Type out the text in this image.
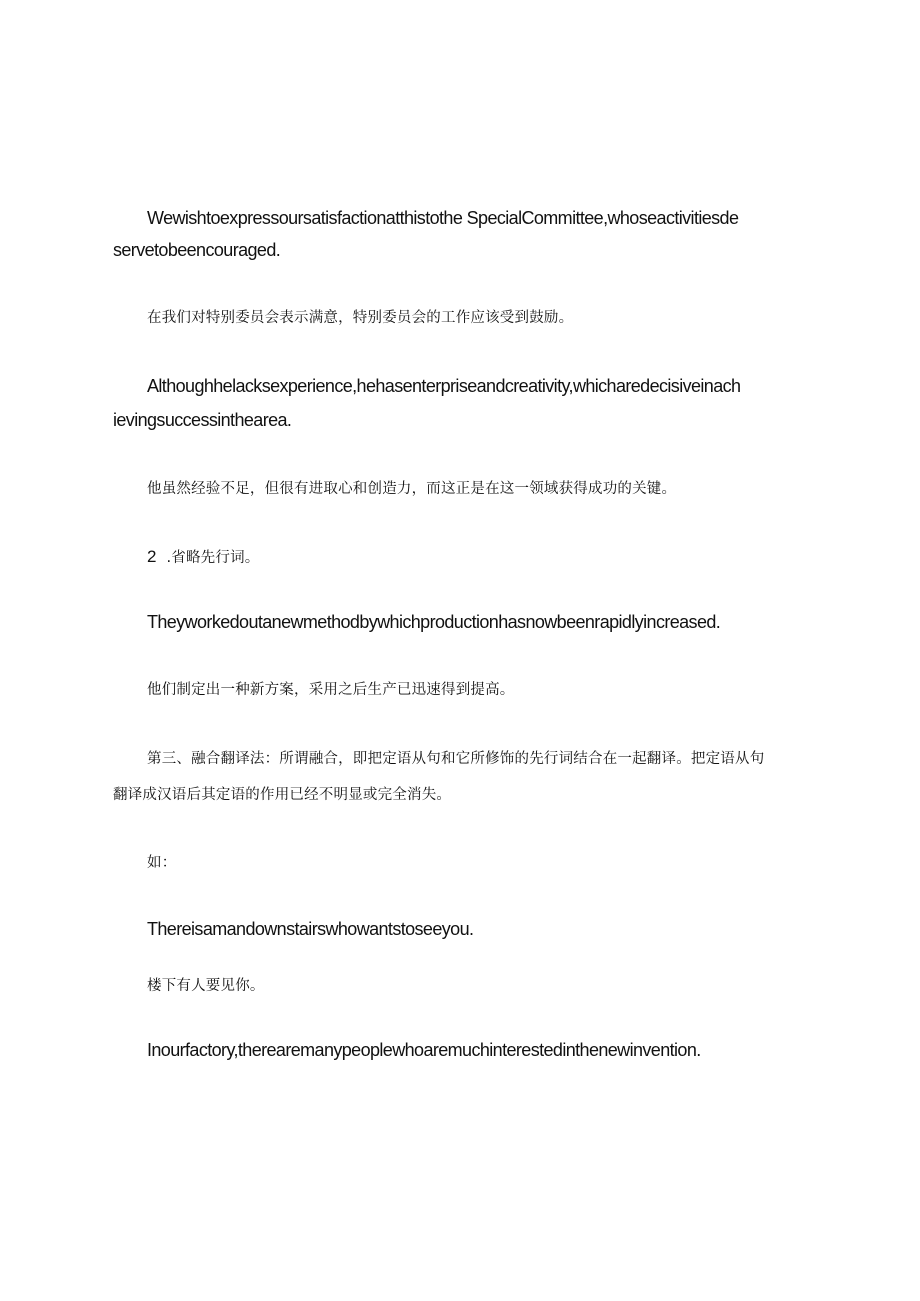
Wewishtoexpressoursatisfactionatthistothe SpecialCommittee,whoseactivitiesde

servetobeencouraged.

在我们对特别委员会表示满意，特别委员会的工作应该受到鼓励。

Althoughhelacksexperience,hehasenterpriseandcreativity,whicharedecisiveinach

ievingsuccessinthearea.

他虽然经验不足，但很有进取心和创造力，而这正是在这一领域获得成功的关键。

2 .省略先行词。

Theyworkedoutanewmethodbywhichproductionhasnowbeenrapidlyincreased.

他们制定出一种新方案，采用之后生产已迅速得到提高。

第三、融合翻译法：所谓融合，即把定语从句和它所修饰的先行词结合在一起翻译。把定语从句

翻译成汉语后其定语的作用已经不明显或完全消失。

如：

Thereisamandownstairswhowantstoseeyou.

楼下有人要见你。

Inourfactory,therearemanypeoplewhoaremuchinterestedinthenewinvention.
